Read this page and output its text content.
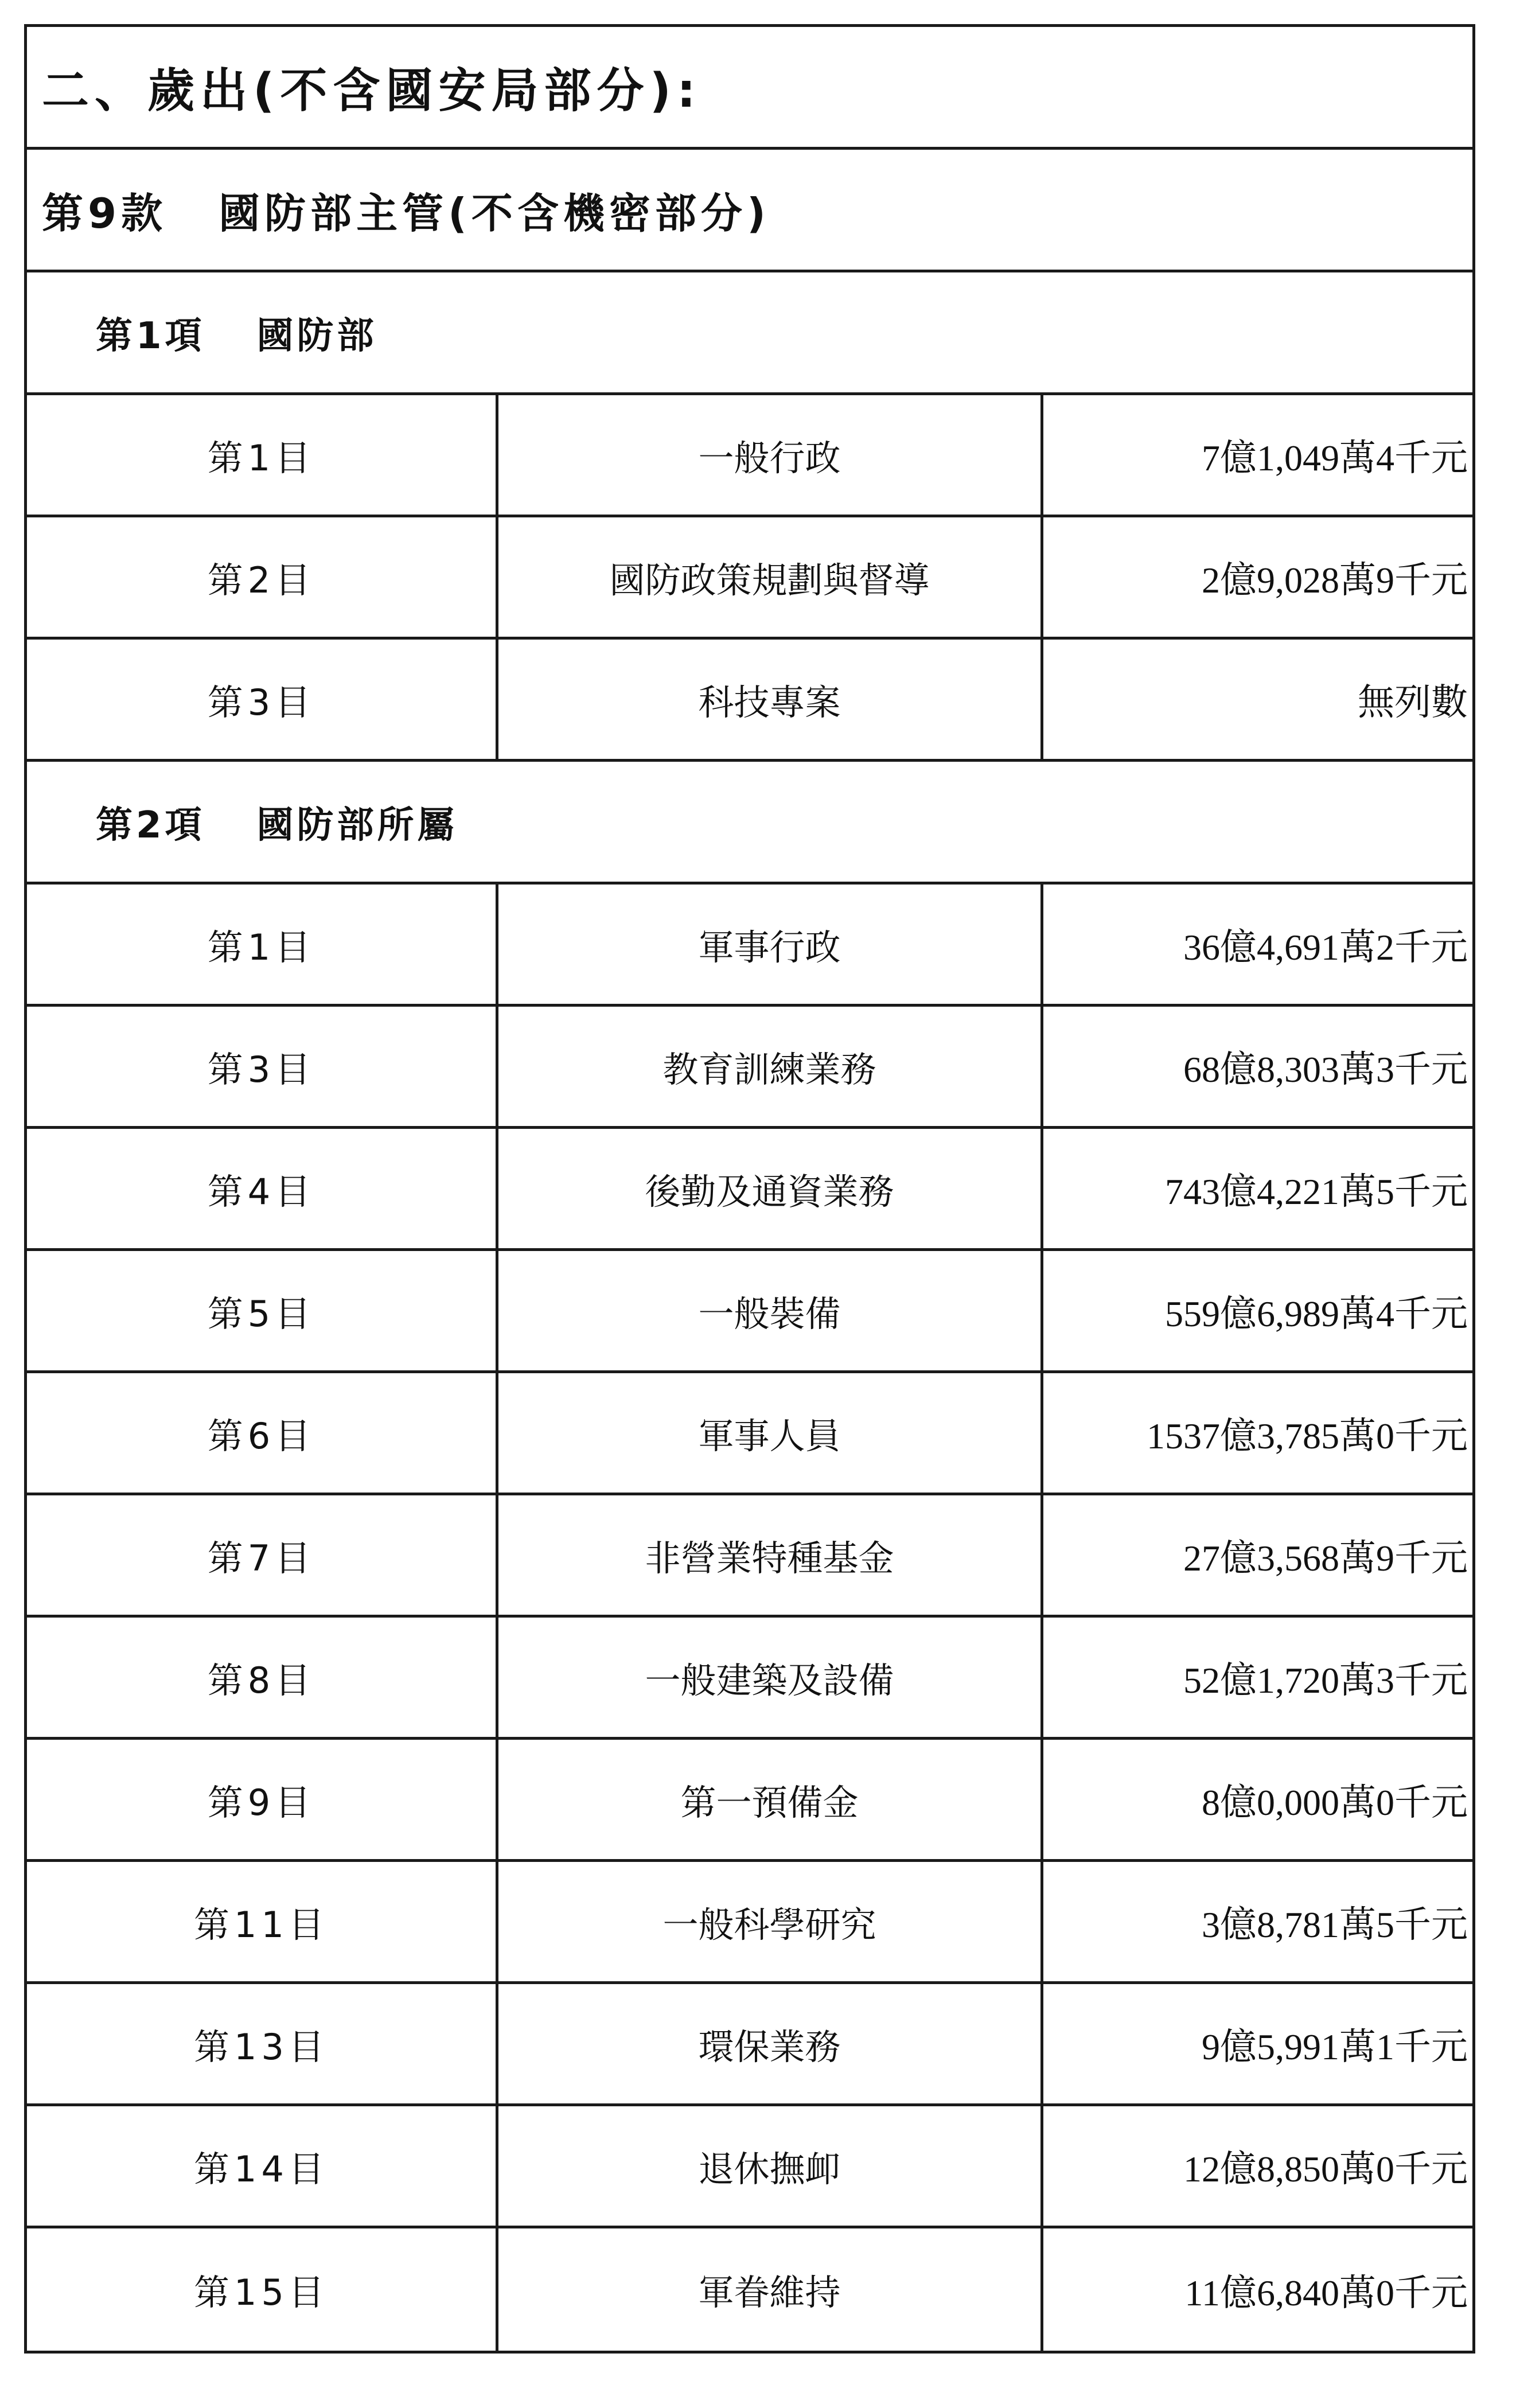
二、歲出(不含國安局部分):
第9款 國防部主管(不含機密部分)
第1項 國防部
第1目	一般行政	7億1,049萬4千元
第2目	國防政策規劃與督導	2億9,028萬9千元
第3目	科技專案	無列數
第2項 國防部所屬
第1目	軍事行政	36億4,691萬2千元
第3目	教育訓練業務	68億8,303萬3千元
第4目	後勤及通資業務	743億4,221萬5千元
第5目	一般裝備	559億6,989萬4千元
第6目	軍事人員	1537億3,785萬0千元
第7目	非營業特種基金	27億3,568萬9千元
第8目	一般建築及設備	52億1,720萬3千元
第9目	第一預備金	8億0,000萬0千元
第11目	一般科學研究	3億8,781萬5千元
第13目	環保業務	9億5,991萬1千元
第14目	退休撫卹	12億8,850萬0千元
第15目	軍眷維持	11億6,840萬0千元
